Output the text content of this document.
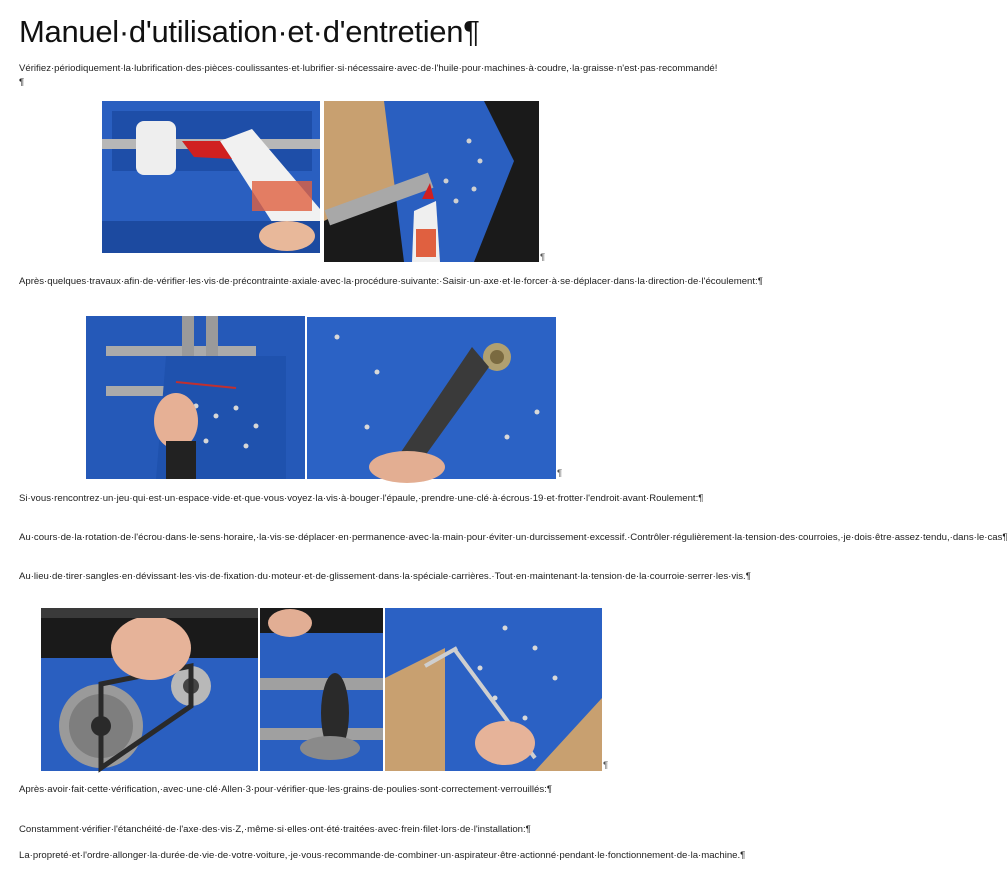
Manuel·d'utilisation·et·d'entretien¶
Vérifiez·périodiquement·la·lubrification·des·pièces·coulissantes·et·lubrifier·si·nécessaire·avec·de·l'huile·pour·machines·à·coudre,·la·graisse·n'est·pas·recommandé!¶
¶
Après·quelques·travaux·afin·de·vérifier·les·vis·de·précontrainte·axiale·avec·la·procédure·suivante:·Saisir·un·axe·et·le·forcer·à·se·déplacer·dans·la·direction·de·l'écoulement:¶
¶
Si·vous·rencontrez·un·jeu·qui·est·un·espace·vide·et·que·vous·voyez·la·vis·à·bouger·l'épaule,·prendre·une·clé·à·écrous·19·et·frotter·l'endroit·avant·Roulement:¶
Au·cours·de·la·rotation·de·l'écrou·dans·le·sens·horaire,·la·vis·se·déplacer·en·permanence·avec·la·main·pour·éviter·un·durcissement·excessif.·Contrôler·régulièrement·la·tension·des·courroies,·je·dois·être·assez·tendu,·dans·le·cas¶
Au·lieu·de·tirer·sangles·en·dévissant·les·vis·de·fixation·du·moteur·et·de·glissement·dans·la·spéciale·carrières.·Tout·en·maintenant·la·tension·de·la·courroie·serrer·les·vis.¶
¶
Après·avoir·fait·cette·vérification,·avec·une·clé·Allen·3·pour·vérifier·que·les·grains·de·poulies·sont·correctement·verrouillés:¶
Constamment·vérifier·l'étanchéité·de·l'axe·des·vis·Z,·même·si·elles·ont·été·traitées·avec·frein·filet·lors·de·l'installation:¶
La·propreté·et·l'ordre·allonger·la·durée·de·vie·de·votre·voiture,·je·vous·recommande·de·combiner·un·aspirateur·être·actionné·pendant·le·fonctionnement·de·la·machine.¶
